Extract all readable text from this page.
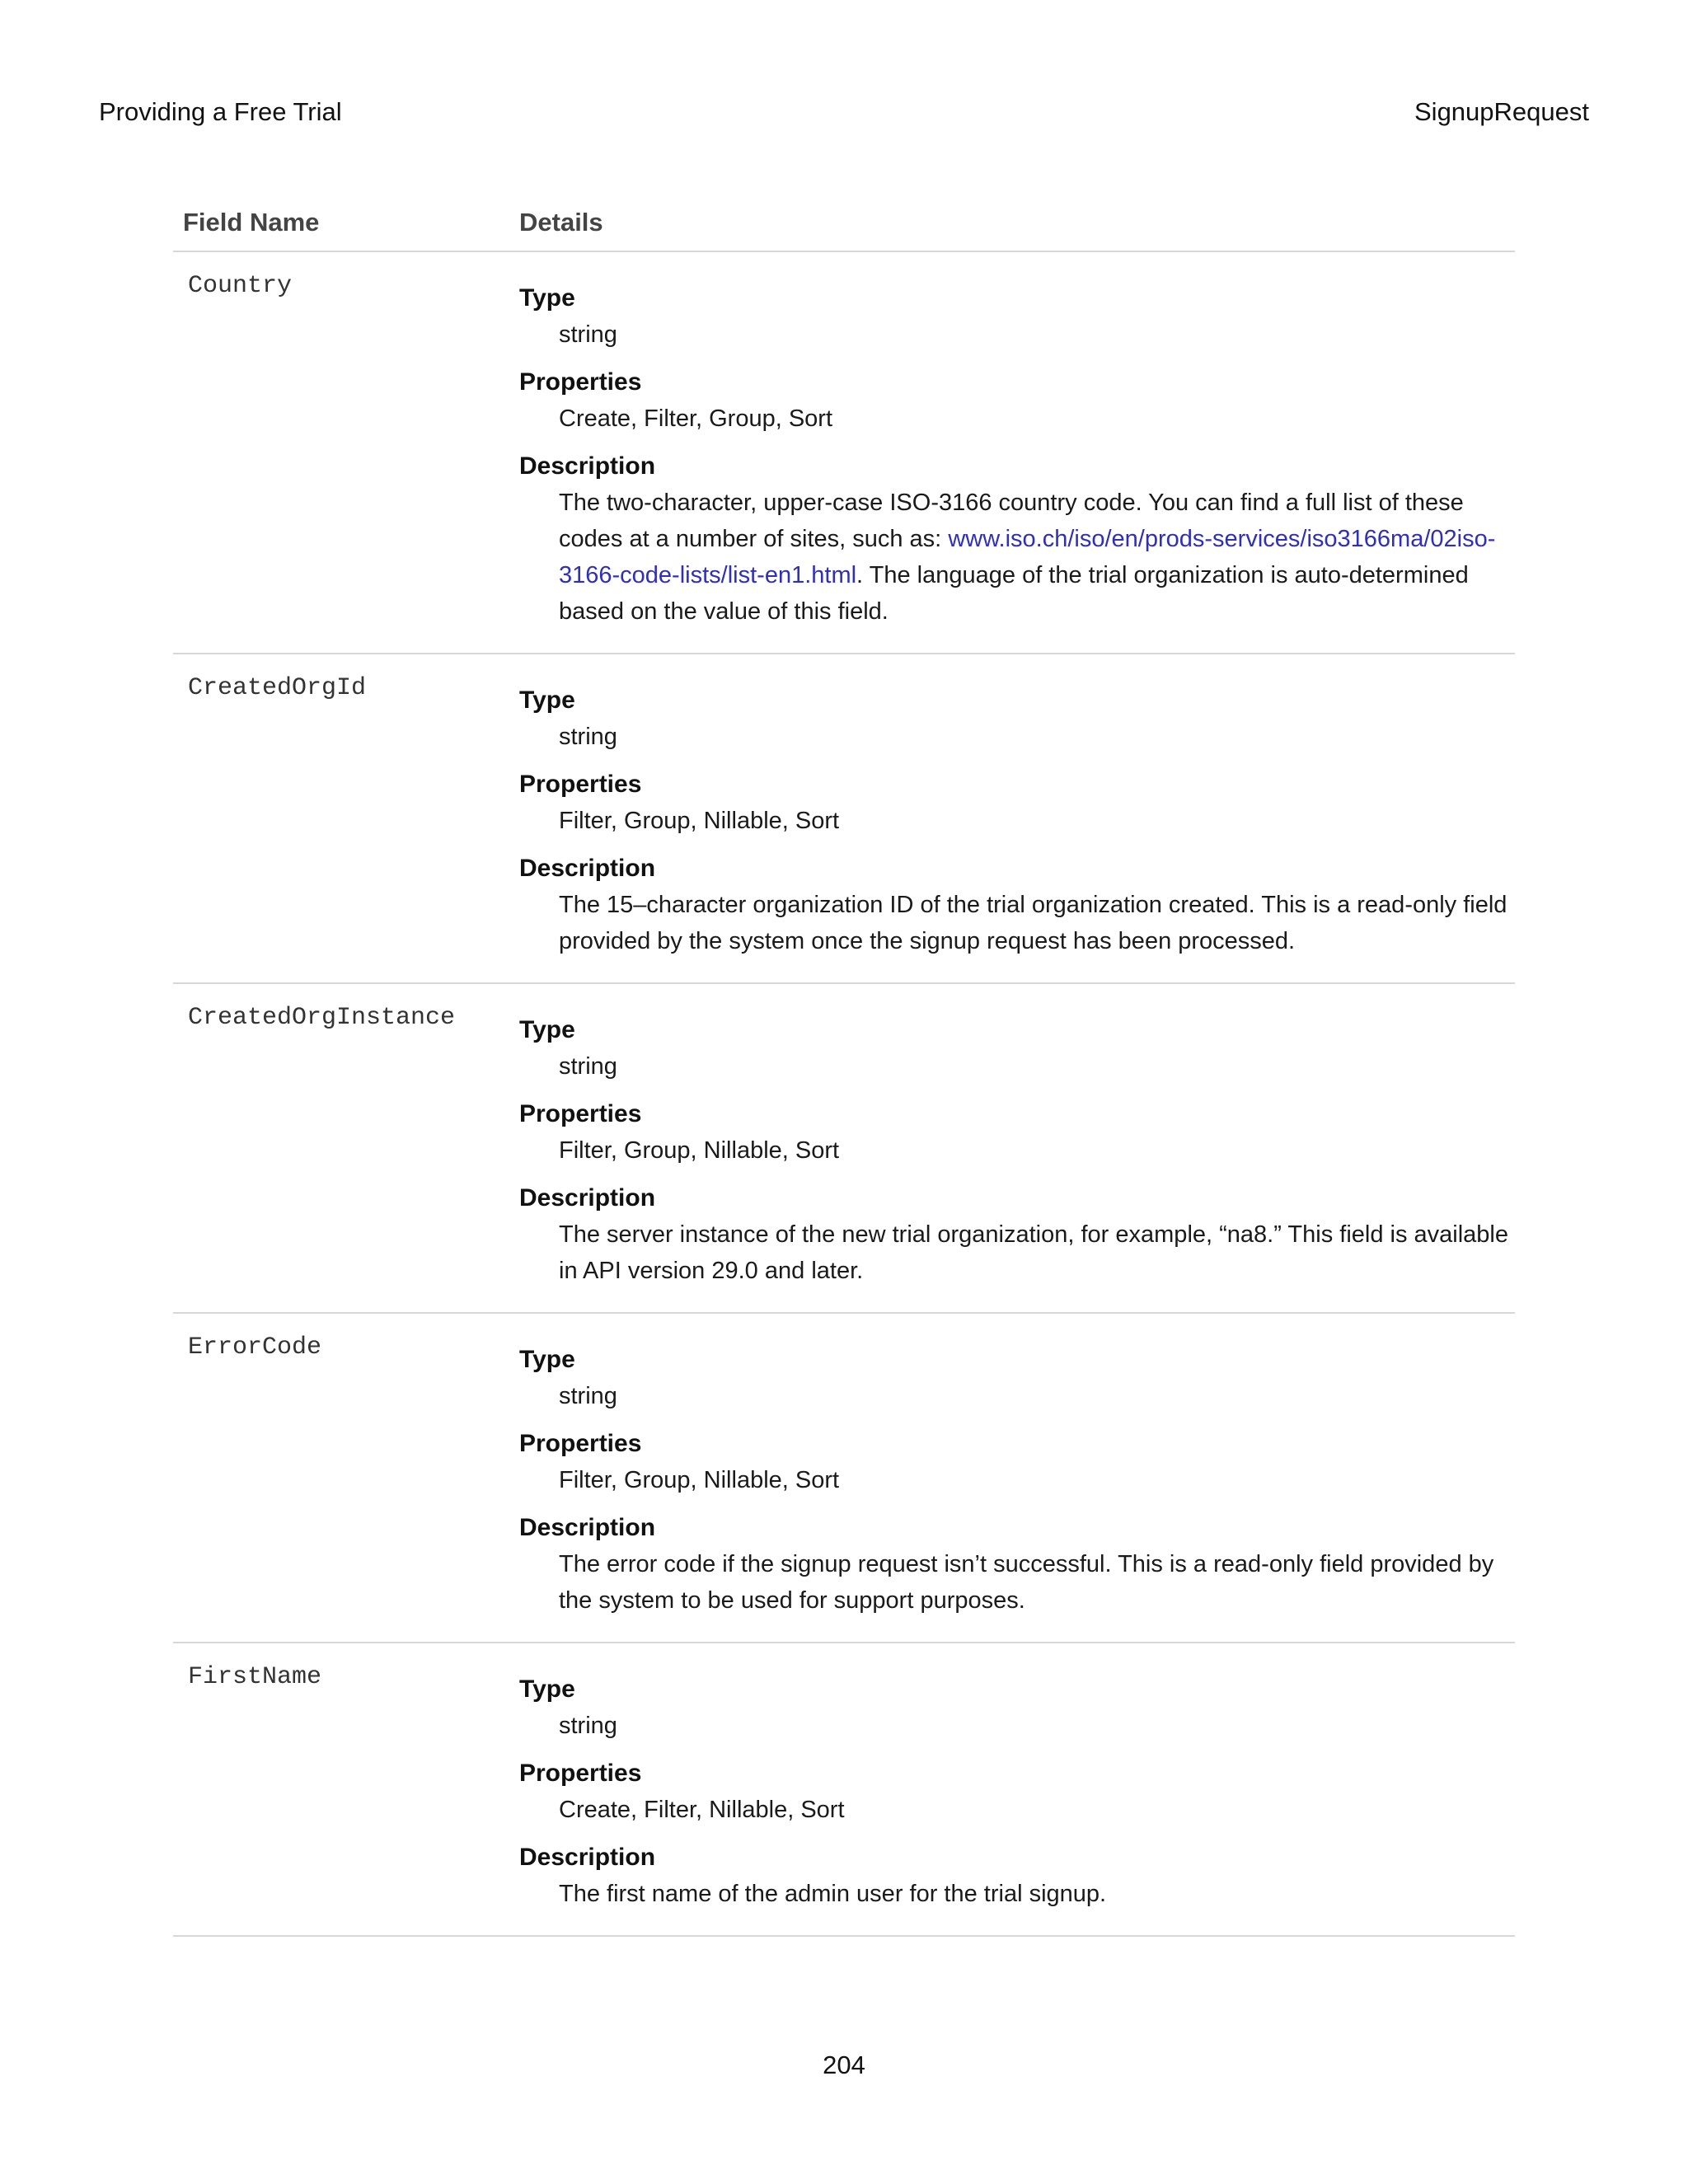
Providing a Free Trial	SignupRequest
Field Name	Details
Country	Type
string
Properties
Create, Filter, Group, Sort
Description
The two-character, upper-case ISO-3166 country code. You can find a full list of these codes at a number of sites, such as: www.iso.ch/iso/en/prods-services/iso3166ma/02iso-3166-code-lists/list-en1.html. The language of the trial organization is auto-determined based on the value of this field.
CreatedOrgId	Type
string
Properties
Filter, Group, Nillable, Sort
Description
The 15–character organization ID of the trial organization created. This is a read-only field provided by the system once the signup request has been processed.
CreatedOrgInstance	Type
string
Properties
Filter, Group, Nillable, Sort
Description
The server instance of the new trial organization, for example, “na8.” This field is available in API version 29.0 and later.
ErrorCode	Type
string
Properties
Filter, Group, Nillable, Sort
Description
The error code if the signup request isn’t successful. This is a read-only field provided by the system to be used for support purposes.
FirstName	Type
string
Properties
Create, Filter, Nillable, Sort
Description
The first name of the admin user for the trial signup.
204
